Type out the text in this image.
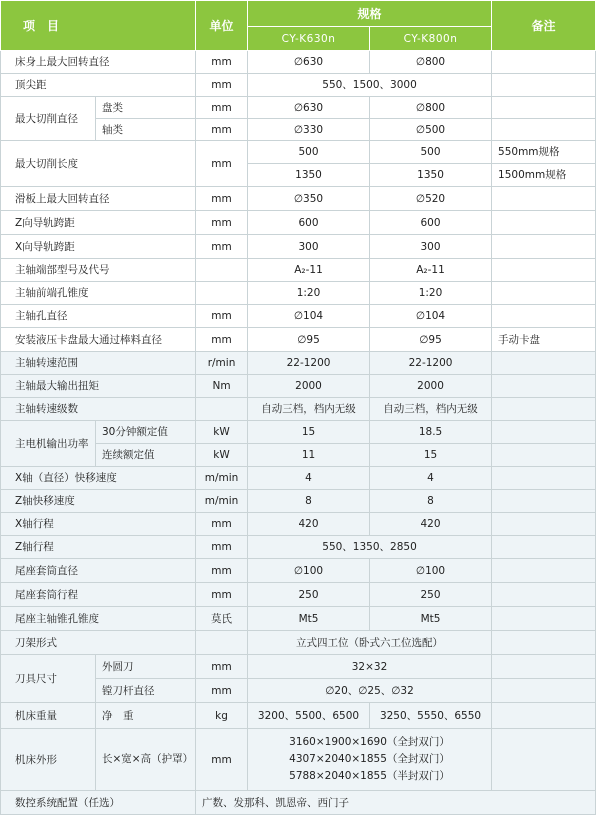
项　目		单位	规格		备注
			CY-K630n	CY-K800n	
床身上最大回转直径		mm	∅630	∅800	
顶尖距		mm	550、1500、3000		
最大切削直径	盘类	mm	∅630	∅800	
	轴类	mm	∅330	∅500	
最大切削长度		mm	500	500	550mm规格
			1350	1350	1500mm规格
滑板上最大回转直径		mm	∅350	∅520	
Z向导轨跨距		mm	600	600	
X向导轨跨距		mm	300	300	
主轴端部型号及代号			A₂-11	A₂-11	
主轴前端孔锥度			1:20	1:20	
主轴孔直径		mm	∅104	∅104	
安装液压卡盘最大通过棒料直径		mm	∅95	∅95	手动卡盘
主轴转速范围		r/min	22-1200	22-1200	
主轴最大输出扭矩		Nm	2000	2000	
主轴转速级数			自动三档，档内无级	自动三档，档内无级	
主电机输出功率	30分钟额定值	kW	15	18.5	
	连续额定值	kW	11	15	
X轴（直径）快移速度		m/min	4	4	
Z轴快移速度		m/min	8	8	
X轴行程		mm	420	420	
Z轴行程		mm	550、1350、2850		
尾座套筒直径		mm	∅100	∅100	
尾座套筒行程		mm	250	250	
尾座主轴锥孔锥度		莫氏	Mt5	Mt5	
刀架形式			立式四工位（卧式六工位选配）		
刀具尺寸	外圆刀	mm	32×32		
	镗刀杆直径	mm	∅20、∅25、∅32		
机床重量	净　重	kg	3200、5500、6500	3250、5550、6550	
机床外形	长×宽×高（护罩）	mm	3160×1900×1690（全封双门）
4307×2040×1855（全封双门）
5788×2040×1855（半封双门）		

数控系统配置（任选）		广数、发那科、凯恩帝、西门子			
